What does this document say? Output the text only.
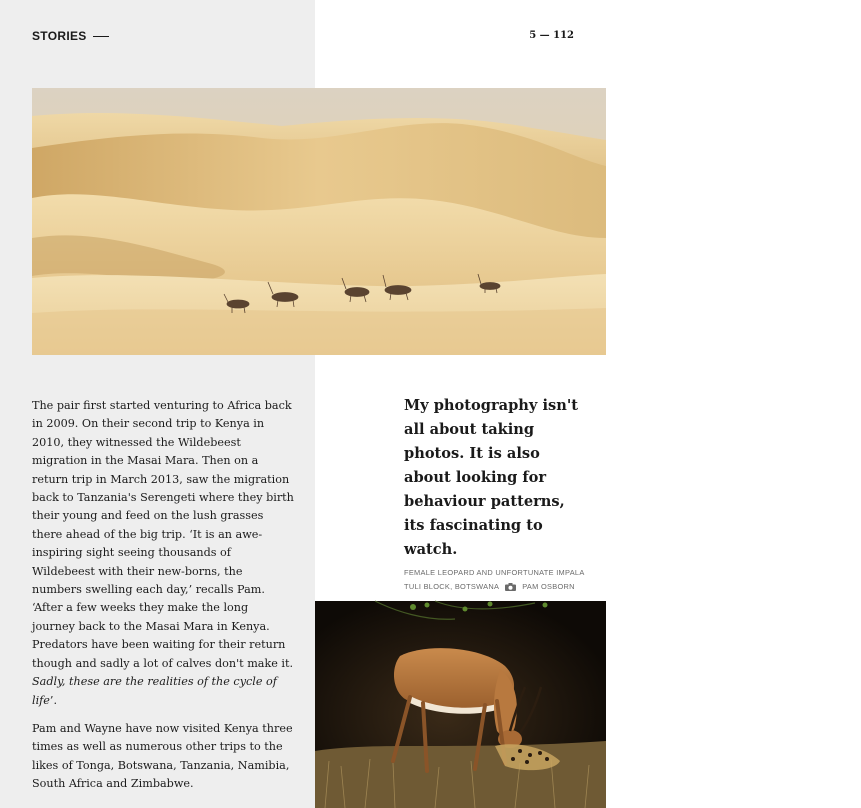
STORIES	5 — 112
DESERT ORYX AND A DUNE SEA, NAMIBIA

The pair first started venturing to Africa back in 2009. On their second trip to Kenya in 2010, they witnessed the Wildebeest migration in the Masai Mara. Then on a return trip in March 2013, saw the migration back to Tanzania's Serengeti where they birth their young and feed on the lush grasses there ahead of the big trip. ‘It is an awe-inspiring sight seeing thousands of Wildebeest with their new-borns, the numbers swelling each day,’ recalls Pam. ‘After a few weeks they make the long journey back to the Masai Mara in Kenya. Predators have been waiting for their return though and sadly a lot of calves don't make it. Sadly, these are the realities of the cycle of life’.

Pam and Wayne have now visited Kenya three times as well as numerous other trips to the likes of Tonga, Botswana, Tanzania, Namibia, South Africa and Zimbabwe.

My photography isn't all about taking photos. It is also about looking for behaviour patterns, its fascinating to watch.
FEMALE LEOPARD AND UNFORTUNATE IMPALA
TULI BLOCK, BOTSWANA	PAM OSBORN
